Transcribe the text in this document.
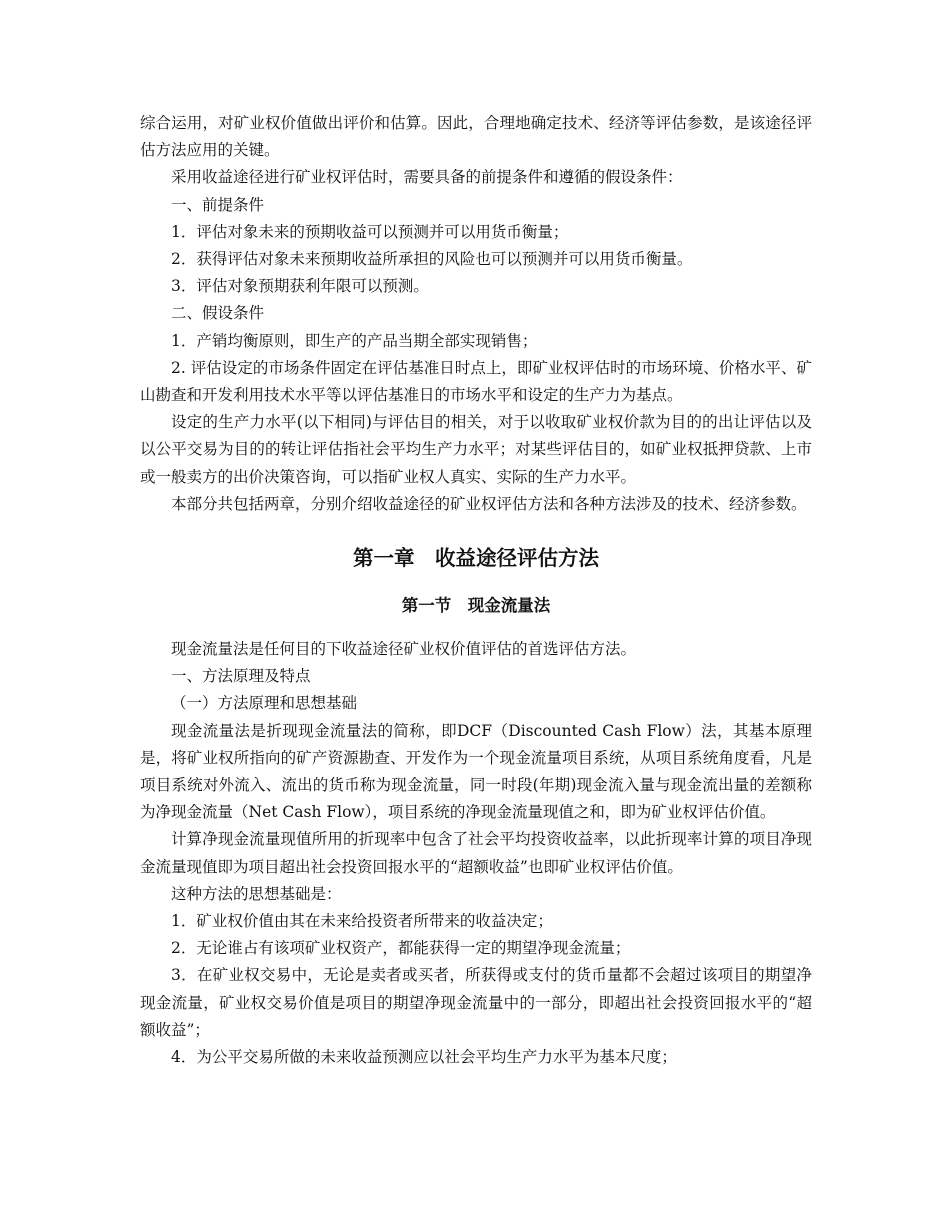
综合运用，对矿业权价值做出评价和估算。因此，合理地确定技术、经济等评估参数，是该途径评估方法应用的关键。

采用收益途径进行矿业权评估时，需要具备的前提条件和遵循的假设条件：

一、前提条件

1．评估对象未来的预期收益可以预测并可以用货币衡量；

2．获得评估对象未来预期收益所承担的风险也可以预测并可以用货币衡量。

3．评估对象预期获利年限可以预测。

二、假设条件

1．产销均衡原则，即生产的产品当期全部实现销售；

2. 评估设定的市场条件固定在评估基准日时点上，即矿业权评估时的市场环境、价格水平、矿山勘查和开发利用技术水平等以评估基准日的市场水平和设定的生产力为基点。

设定的生产力水平(以下相同)与评估目的相关，对于以收取矿业权价款为目的的出让评估以及以公平交易为目的的转让评估指社会平均生产力水平；对某些评估目的，如矿业权抵押贷款、上市或一般卖方的出价决策咨询，可以指矿业权人真实、实际的生产力水平。

本部分共包括两章，分别介绍收益途径的矿业权评估方法和各种方法涉及的技术、经济参数。

第一章　收益途径评估方法
第一节　现金流量法

现金流量法是任何目的下收益途径矿业权价值评估的首选评估方法。

一、方法原理及特点

（一）方法原理和思想基础

现金流量法是折现现金流量法的简称，即DCF（Discounted Cash Flow）法，其基本原理是，将矿业权所指向的矿产资源勘查、开发作为一个现金流量项目系统，从项目系统角度看，凡是项目系统对外流入、流出的货币称为现金流量，同一时段(年期)现金流入量与现金流出量的差额称为净现金流量（Net Cash Flow），项目系统的净现金流量现值之和，即为矿业权评估价值。

计算净现金流量现值所用的折现率中包含了社会平均投资收益率，以此折现率计算的项目净现金流量现值即为项目超出社会投资回报水平的“超额收益”也即矿业权评估价值。

这种方法的思想基础是：

1．矿业权价值由其在未来给投资者所带来的收益决定；

2．无论谁占有该项矿业权资产，都能获得一定的期望净现金流量；

3．在矿业权交易中，无论是卖者或买者，所获得或支付的货币量都不会超过该项目的期望净现金流量，矿业权交易价值是项目的期望净现金流量中的一部分，即超出社会投资回报水平的“超额收益”；

4．为公平交易所做的未来收益预测应以社会平均生产力水平为基本尺度；
